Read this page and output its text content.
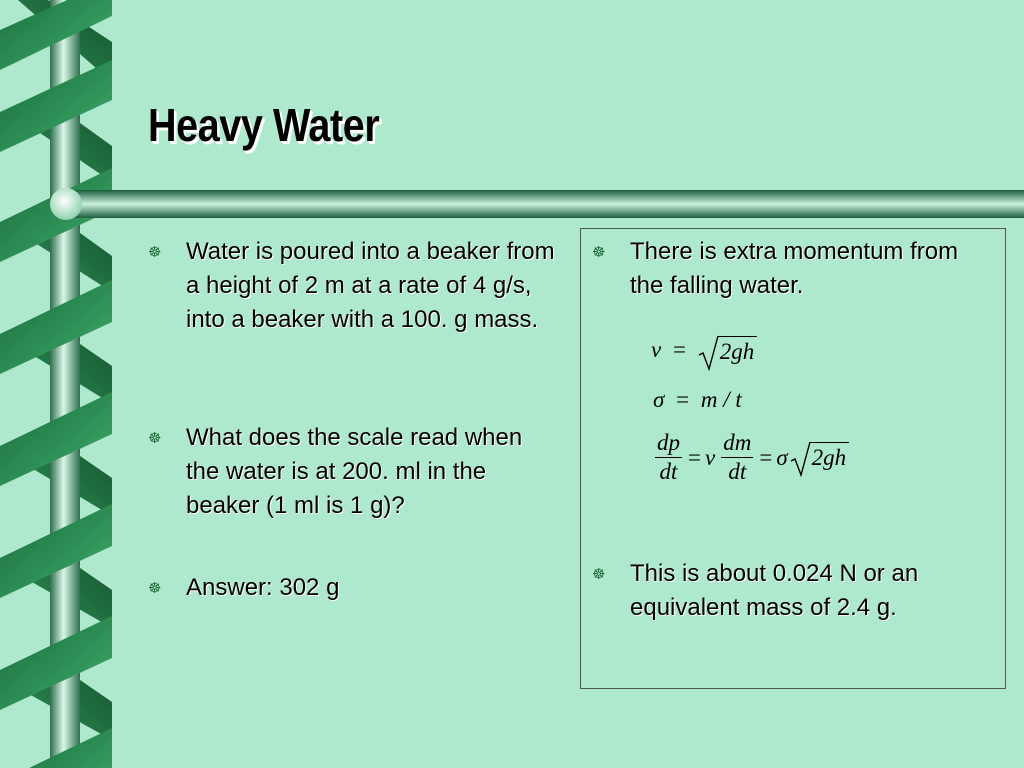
Heavy Water
☸	Water is poured into a beaker from a height of 2 m at a rate of 4 g/s, into a beaker with a 100. g mass.
☸	What does the scale read when the water is at 200. ml in the beaker (1 ml is 1 g)?
☸	Answer: 302 g
☸	There is extra momentum from the falling water.
v = 2gh
σ = m / t
$\frac{dp}{dt} = v \frac{dm}{dt} = \sigma$	2gh
☸	This is about 0.024 N or an equivalent mass of 2.4 g.
